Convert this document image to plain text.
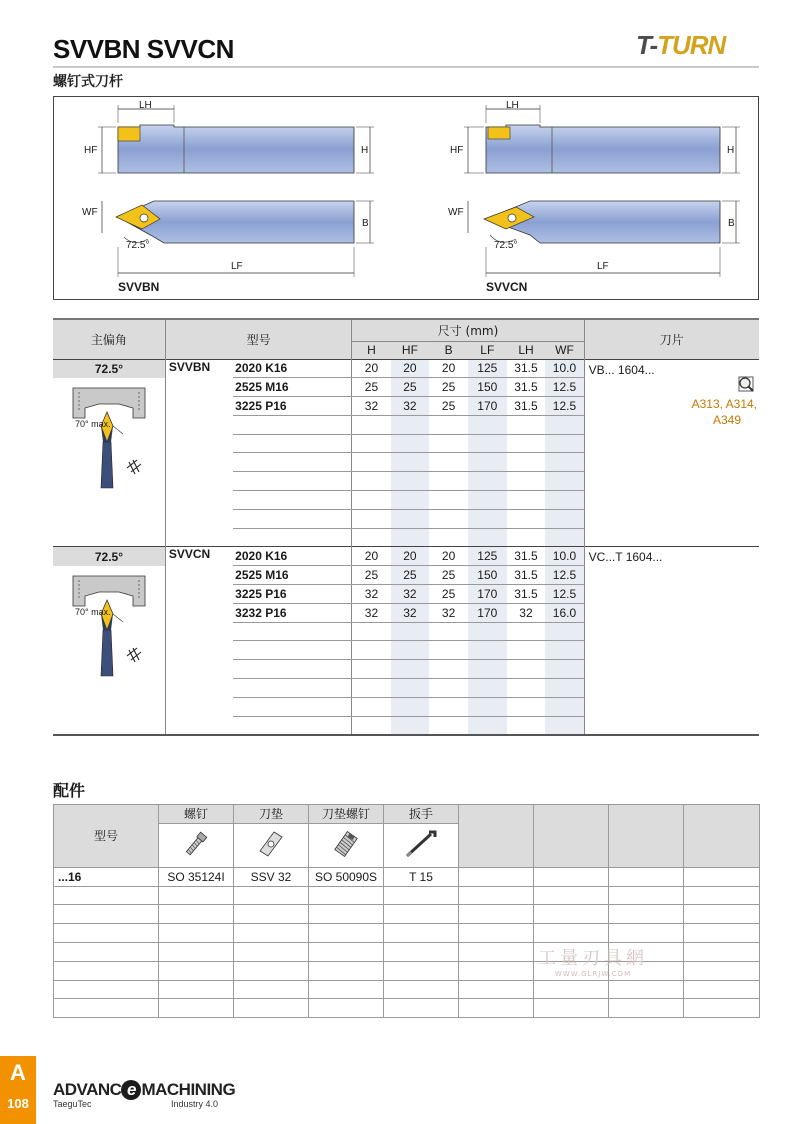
SVVBN SVVCN	T-TURN
螺钉式刀杆
LH
HF	H
WF
B
72.5°
LF
SVVBN
LH
HF	H
WF
B
72.5°
LF
SVVCN
主偏角	型号		尺寸 (mm)						刀片
			H	HF	B	LF	LH	WF	
72.5°	SVVBN	2020 K16	20	20	20	125	31.5	10.0	VB... 1604...
A313, A314,
A349

70° max.		2525 M16	25	25	25	150	31.5	12.5	
		3225 P16	32	32	25	170	31.5	12.5	

72.5°	SVVCN	2020 K16	20	20	20	125	31.5	10.0	VC...T 1604...

70° max.		2525 M16	25	25	25	150	31.5	12.5	
		3225 P16	32	32	25	170	31.5	12.5	
		3232 P16	32	32	32	170	32	16.0	

配件
型号	螺钉	刀垫	刀垫螺钉	扳手				

...16	SO 35124I	SSV 32	SO 50090S	T 15				

工量刃具網
WWW.GLRJW.COM
A
108
ADVANC e MACHINING
TaeguTec	Industry 4.0
